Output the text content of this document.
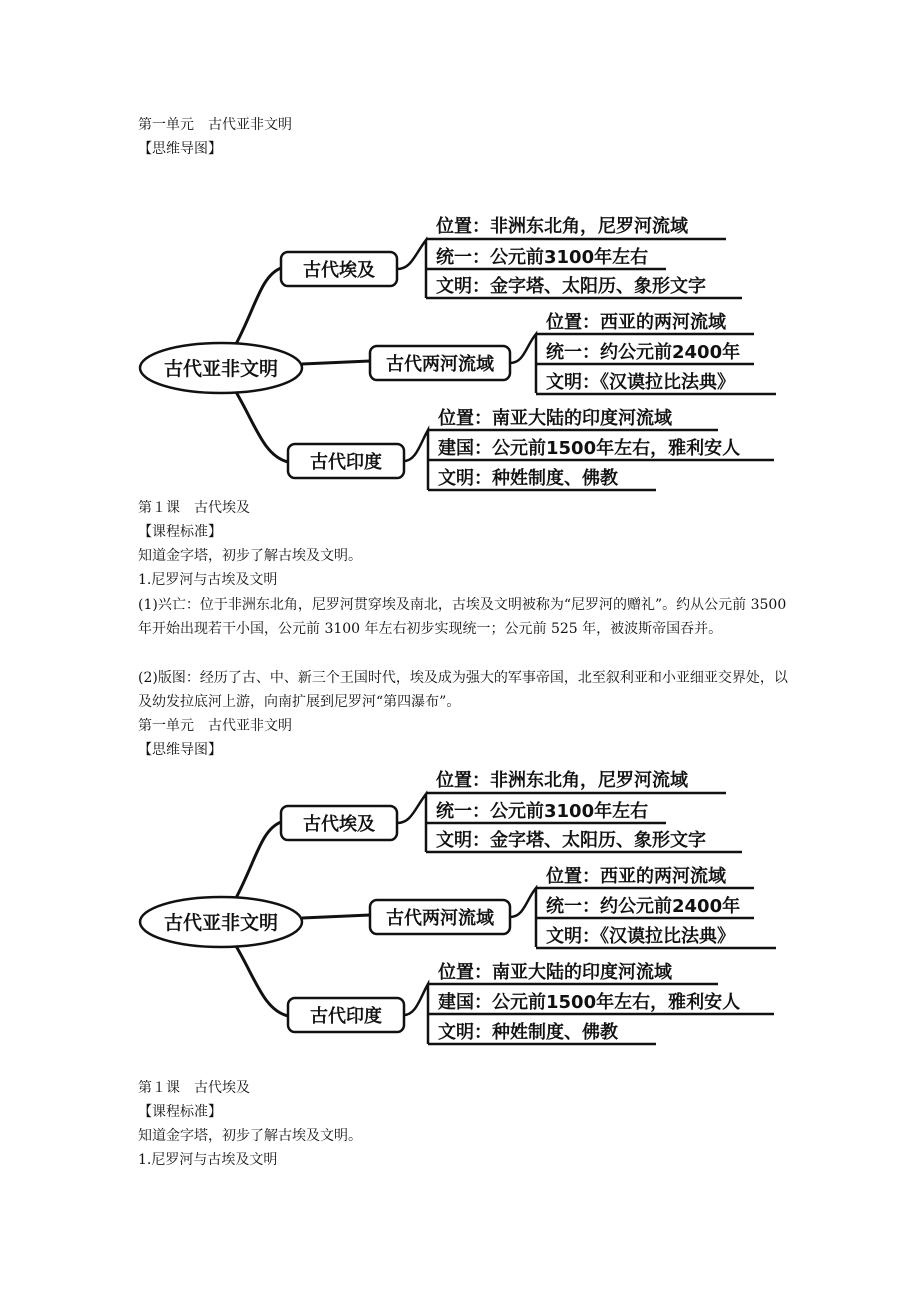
第一单元　古代亚非文明
【思维导图】
古代亚非文明
古代埃及
位置：非洲东北角，尼罗河流域
统一：公元前3100年左右
文明：金字塔、太阳历、象形文字
古代两河流域
位置：西亚的两河流域
统一：约公元前2400年
文明：《汉谟拉比法典》
古代印度
位置：南亚大陆的印度河流域
建国：公元前1500年左右，雅利安人
文明：种姓制度、佛教
第１课　古代埃及
【课程标准】
知道金字塔，初步了解古埃及文明。
1.尼罗河与古埃及文明
(1)兴亡：位于非洲东北角，尼罗河贯穿埃及南北，古埃及文明被称为“尼罗河的赠礼”。约从公元前 3500 年开始出现若干小国，公元前 3100 年左右初步实现统一；公元前 525 年，被波斯帝国吞并。
(2)版图：经历了古、中、新三个王国时代，埃及成为强大的军事帝国，北至叙利亚和小亚细亚交界处，以及幼发拉底河上游，向南扩展到尼罗河“第四瀑布”。
第一单元　古代亚非文明
【思维导图】
古代亚非文明
古代埃及
位置：非洲东北角，尼罗河流域
统一：公元前3100年左右
文明：金字塔、太阳历、象形文字
古代两河流域
位置：西亚的两河流域
统一：约公元前2400年
文明：《汉谟拉比法典》
古代印度
位置：南亚大陆的印度河流域
建国：公元前1500年左右，雅利安人
文明：种姓制度、佛教
第１课　古代埃及
【课程标准】
知道金字塔，初步了解古埃及文明。
1.尼罗河与古埃及文明
